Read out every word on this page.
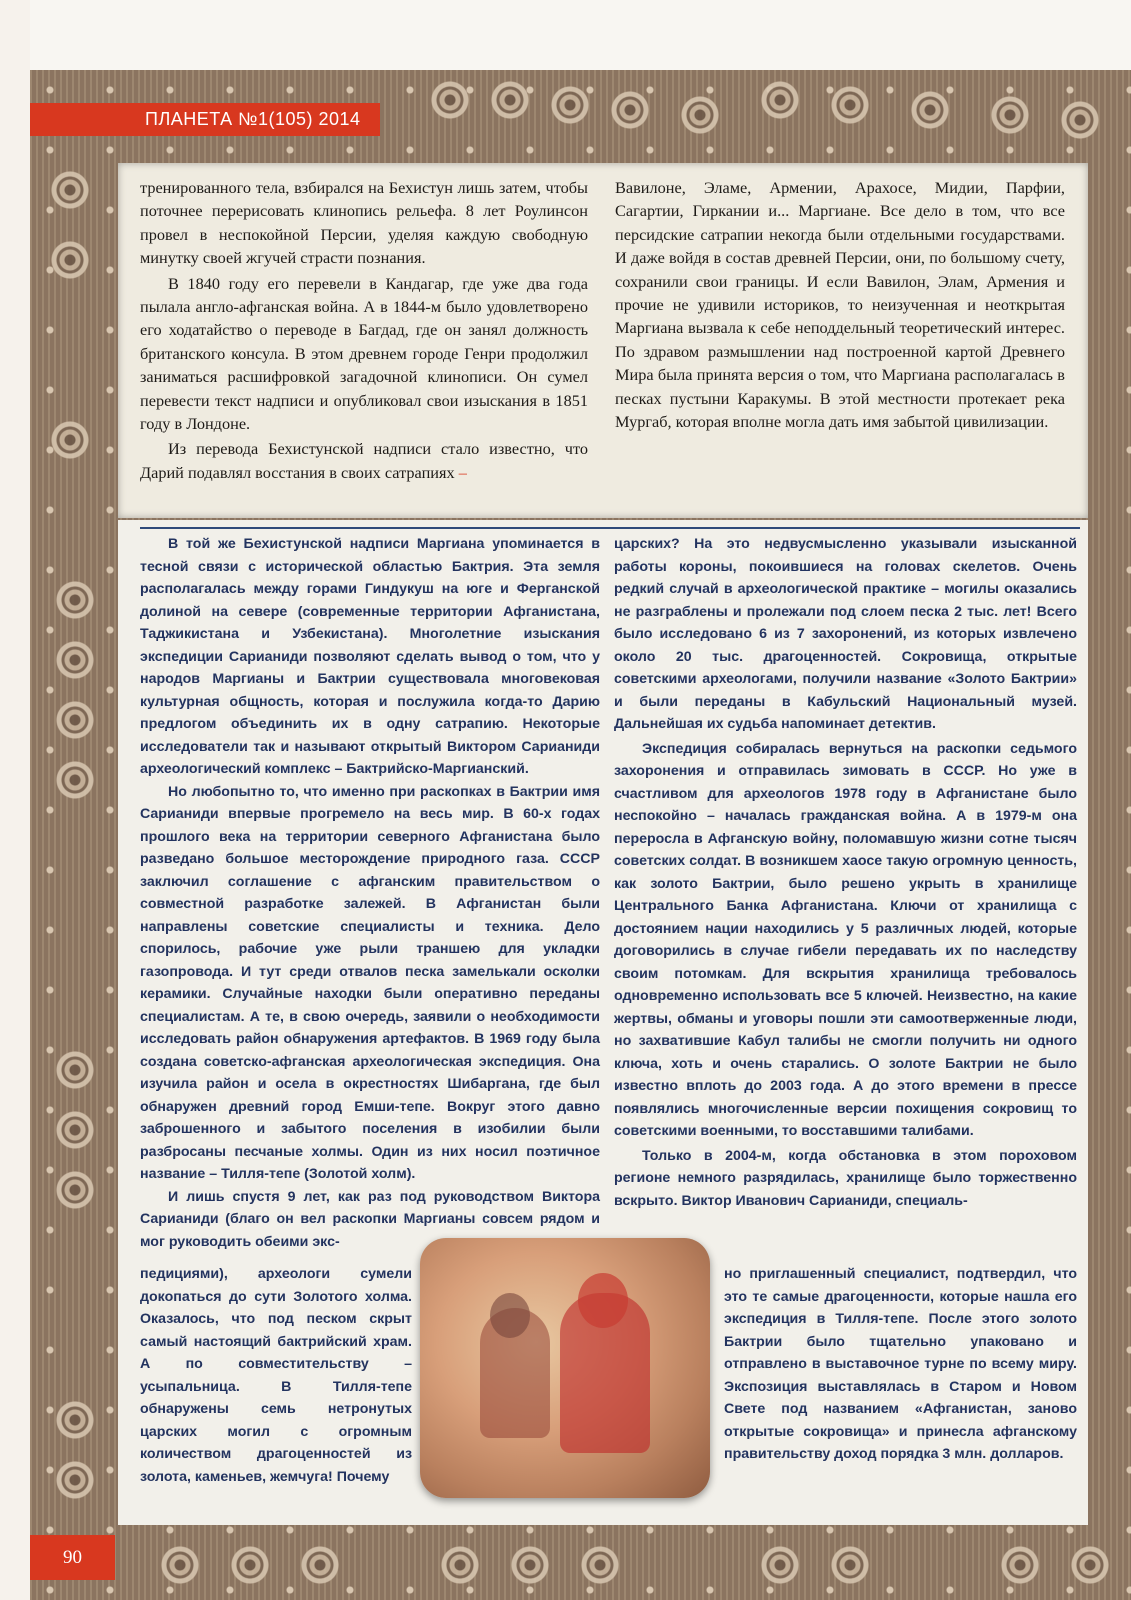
ПЛАНЕТА №1(105) 2014

тренированного тела, взбирался на Бехистун лишь затем, чтобы поточнее перерисовать клинопись рельефа. 8 лет Роулинсон провел в неспокойной Персии, уделяя каждую свободную минутку своей жгучей страсти познания.

В 1840 году его перевели в Кандагар, где уже два года пылала англо-афганская война. А в 1844-м было удовлетворено его ходатайство о переводе в Багдад, где он занял должность британского консула. В этом древнем городе Генри продолжил заниматься расшифровкой загадочной клинописи. Он сумел перевести текст надписи и опубликовал свои изыскания в 1851 году в Лондоне.

Из перевода Бехистунской надписи стало известно, что Дарий подавлял восстания в своих сатрапиях –

Вавилоне, Эламе, Армении, Арахосе, Мидии, Парфии, Сагартии, Гиркании и... Маргиане. Все дело в том, что все персидские сатрапии некогда были отдельными государствами. И даже войдя в состав древней Персии, они, по большому счету, сохранили свои границы. И если Вавилон, Элам, Армения и прочие не удивили историков, то неизученная и неоткрытая Маргиана вызвала к себе неподдельный теоретический интерес. По здравом размышлении над построенной картой Древнего Мира была принята версия о том, что Маргиана располагалась в песках пустыни Каракумы. В этой местности протекает река Мургаб, которая вполне могла дать имя забытой цивилизации.

В той же Бехистунской надписи Маргиана упоминается в тесной связи с исторической областью Бактрия. Эта земля располагалась между горами Гиндукуш на юге и Ферганской долиной на севере (современные территории Афганистана, Таджикистана и Узбекистана). Многолетние изыскания экспедиции Сарианиди позволяют сделать вывод о том, что у народов Маргианы и Бактрии существовала многовековая культурная общность, которая и послужила когда-то Дарию предлогом объединить их в одну сатрапию. Некоторые исследователи так и называют открытый Виктором Сарианиди археологический комплекс – Бактрийско-Маргианский.

Но любопытно то, что именно при раскопках в Бактрии имя Сарианиди впервые прогремело на весь мир. В 60-х годах прошлого века на территории северного Афганистана было разведано большое месторождение природного газа. СССР заключил соглашение с афганским правительством о совместной разработке залежей. В Афганистан были направлены советские специалисты и техника. Дело спорилось, рабочие уже рыли траншею для укладки газопровода. И тут среди отвалов песка замелькали осколки керамики. Случайные находки были оперативно переданы специалистам. А те, в свою очередь, заявили о необходимости исследовать район обнаружения артефактов. В 1969 году была создана советско-афганская археологическая экспедиция. Она изучила район и осела в окрестностях Шибаргана, где был обнаружен древний город Емши-тепе. Вокруг этого давно заброшенного и забытого поселения в изобилии были разбросаны песчаные холмы. Один из них носил поэтичное название – Тилля-тепе (Золотой холм).

И лишь спустя 9 лет, как раз под руководством Виктора Сарианиди (благо он вел раскопки Маргианы совсем рядом и мог руководить обеими экс-

педициями), археологи сумели докопаться до сути Золотого холма. Оказалось, что под песком скрыт самый настоящий бактрийский храм. А по совместительству – усыпальница. В Тилля-тепе обнаружены семь нетронутых царских могил с огромным количеством драгоценностей из золота, каменьев, жемчуга! Почему

царских? На это недвусмысленно указывали изысканной работы короны, покоившиеся на головах скелетов. Очень редкий случай в археологической практике – могилы оказались не разграблены и пролежали под слоем песка 2 тыс. лет! Всего было исследовано 6 из 7 захоронений, из которых извлечено около 20 тыс. драгоценностей. Сокровища, открытые советскими археологами, получили название «Золото Бактрии» и были переданы в Кабульский Национальный музей. Дальнейшая их судьба напоминает детектив.

Экспедиция собиралась вернуться на раскопки седьмого захоронения и отправилась зимовать в СССР. Но уже в счастливом для археологов 1978 году в Афганистане было неспокойно – началась гражданская война. А в 1979-м она переросла в Афганскую войну, поломавшую жизни сотне тысяч советских солдат. В возникшем хаосе такую огромную ценность, как золото Бактрии, было решено укрыть в хранилище Центрального Банка Афганистана. Ключи от хранилища с достоянием нации находились у 5 различных людей, которые договорились в случае гибели передавать их по наследству своим потомкам. Для вскрытия хранилища требовалось одновременно использовать все 5 ключей. Неизвестно, на какие жертвы, обманы и уговоры пошли эти самоотверженные люди, но захватившие Кабул талибы не смогли получить ни одного ключа, хоть и очень старались. О золоте Бактрии не было известно вплоть до 2003 года. А до этого времени в прессе появлялись многочисленные версии похищения сокровищ то советскими военными, то восставшими талибами.

Только в 2004-м, когда обстановка в этом пороховом регионе немного разрядилась, хранилище было торжественно вскрыто. Виктор Иванович Сарианиди, специаль-

но приглашенный специалист, подтвердил, что это те самые драгоценности, которые нашла его экспедиция в Тилля-тепе. После этого золото Бактрии было тщательно упаковано и отправлено в выставочное турне по всему миру. Экспозиция выставлялась в Старом и Новом Свете под названием «Афганистан, заново открытые сокровища» и принесла афганскому правительству доход порядка 3 млн. долларов.

90
